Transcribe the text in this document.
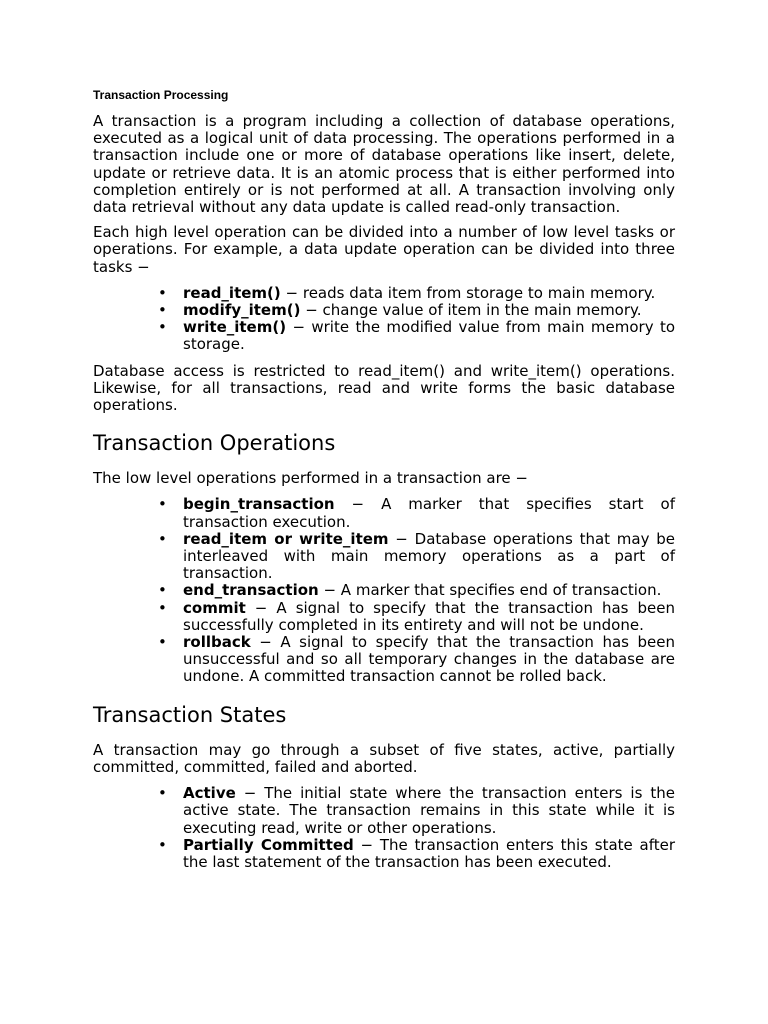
Transaction Processing

A transaction is a program including a collection of database operations, executed as a logical unit of data processing. The operations performed in a transaction include one or more of database operations like insert, delete, update or retrieve data. It is an atomic process that is either performed into completion entirely or is not performed at all. A transaction involving only data retrieval without any data update is called read-only transaction.

Each high level operation can be divided into a number of low level tasks or operations. For example, a data update operation can be divided into three tasks −

• read_item() − reads data item from storage to main memory.
• modify_item() − change value of item in the main memory.
• write_item() − write the modified value from main memory to storage.

Database access is restricted to read_item() and write_item() operations. Likewise, for all transactions, read and write forms the basic database operations.

Transaction Operations

The low level operations performed in a transaction are −

• begin_transaction − A marker that specifies start of transaction execution.
• read_item or write_item − Database operations that may be interleaved with main memory operations as a part of transaction.
• end_transaction − A marker that specifies end of transaction.
• commit − A signal to specify that the transaction has been successfully completed in its entirety and will not be undone.
• rollback − A signal to specify that the transaction has been unsuccessful and so all temporary changes in the database are undone. A committed transaction cannot be rolled back.
Transaction States

A transaction may go through a subset of five states, active, partially committed, committed, failed and aborted.

• Active − The initial state where the transaction enters is the active state. The transaction remains in this state while it is executing read, write or other operations.
• Partially Committed − The transaction enters this state after the last statement of the transaction has been executed.
